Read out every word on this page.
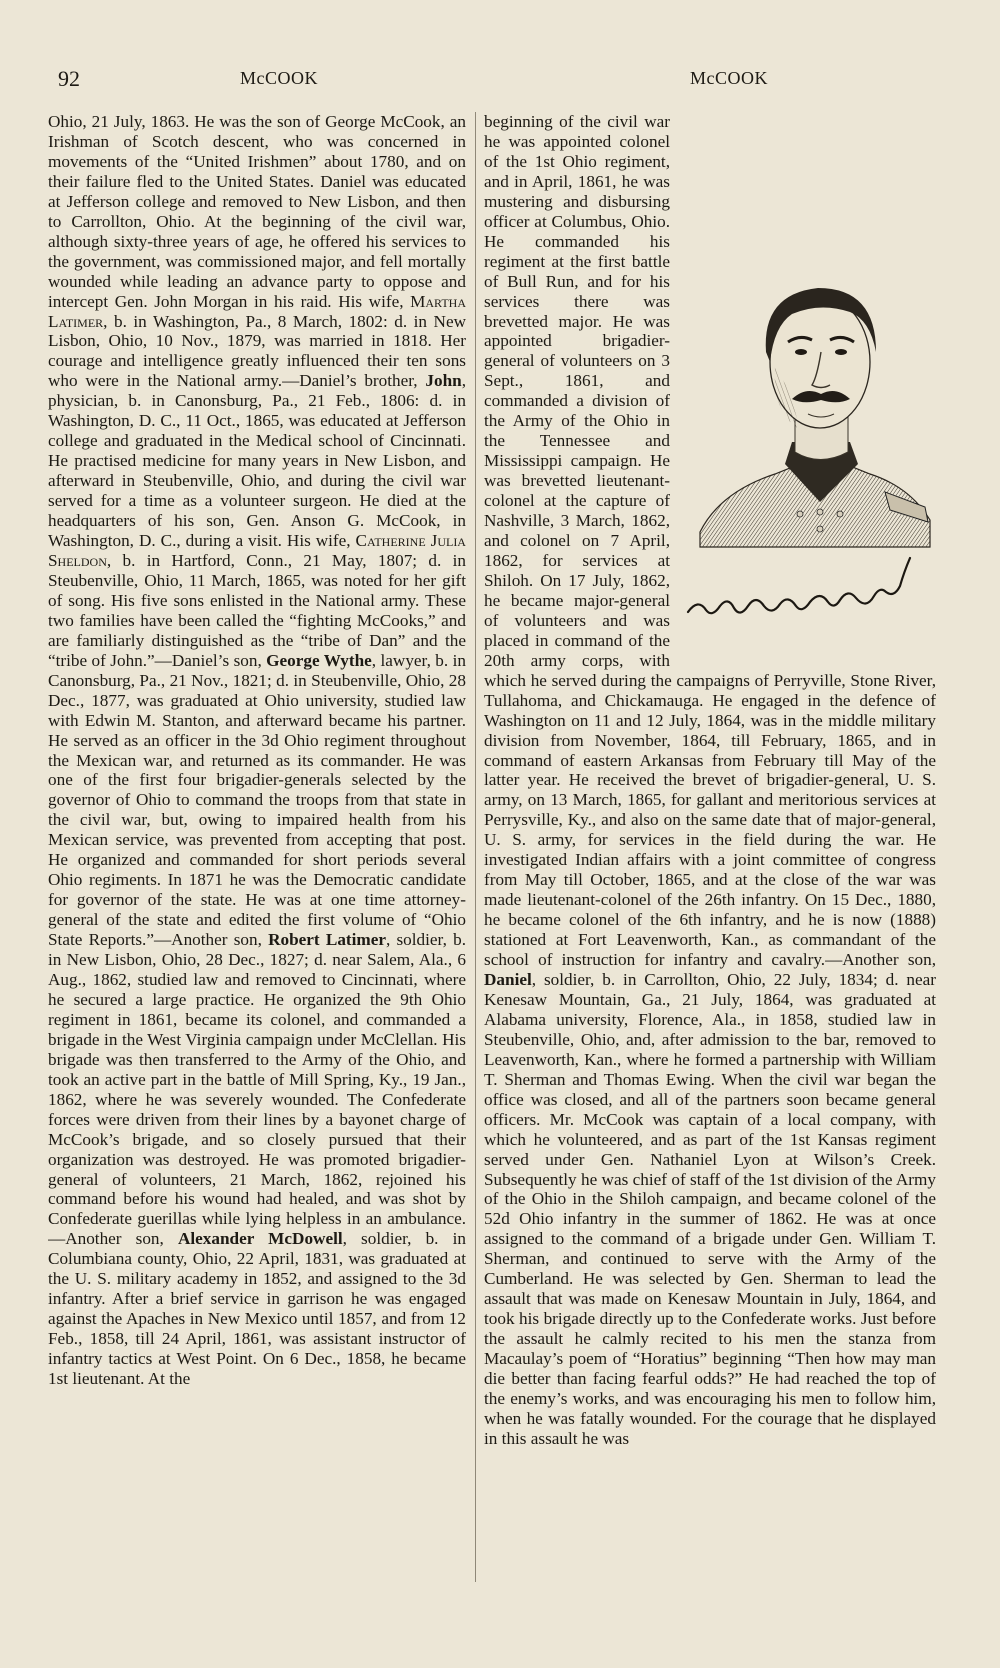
92	McCOOK	McCOOK

Ohio, 21 July, 1863. He was the son of George McCook, an Irishman of Scotch descent, who was concerned in movements of the “United Irishmen” about 1780, and on their failure fled to the United States. Daniel was educated at Jefferson college and removed to New Lisbon, and then to Carrollton, Ohio. At the beginning of the civil war, although sixty-three years of age, he offered his services to the government, was commissioned major, and fell mortally wounded while leading an advance party to oppose and intercept Gen. John Morgan in his raid. His wife, Martha Latimer, b. in Washington, Pa., 8 March, 1802: d. in New Lisbon, Ohio, 10 Nov., 1879, was married in 1818. Her courage and intelligence greatly influenced their ten sons who were in the National army.—Daniel’s brother, John, physician, b. in Canonsburg, Pa., 21 Feb., 1806: d. in Washington, D. C., 11 Oct., 1865, was educated at Jefferson college and graduated in the Medical school of Cincinnati. He practised medicine for many years in New Lisbon, and afterward in Steubenville, Ohio, and during the civil war served for a time as a volunteer surgeon. He died at the headquarters of his son, Gen. Anson G. McCook, in Washington, D. C., during a visit. His wife, Catherine Julia Sheldon, b. in Hartford, Conn., 21 May, 1807; d. in Steubenville, Ohio, 11 March, 1865, was noted for her gift of song. His five sons enlisted in the National army. These two families have been called the “fighting McCooks,” and are familiarly distinguished as the “tribe of Dan” and the “tribe of John.”—Daniel’s son, George Wythe, lawyer, b. in Canonsburg, Pa., 21 Nov., 1821; d. in Steubenville, Ohio, 28 Dec., 1877, was graduated at Ohio university, studied law with Edwin M. Stanton, and afterward became his partner. He served as an officer in the 3d Ohio regiment throughout the Mexican war, and returned as its commander. He was one of the first four brigadier-generals selected by the governor of Ohio to command the troops from that state in the civil war, but, owing to impaired health from his Mexican service, was prevented from accepting that post. He organized and commanded for short periods several Ohio regiments. In 1871 he was the Democratic candidate for governor of the state. He was at one time attorney-general of the state and edited the first volume of “Ohio State Reports.”—Another son, Robert Latimer, soldier, b. in New Lisbon, Ohio, 28 Dec., 1827; d. near Salem, Ala., 6 Aug., 1862, studied law and removed to Cincinnati, where he secured a large practice. He organized the 9th Ohio regiment in 1861, became its colonel, and commanded a brigade in the West Virginia campaign under McClellan. His brigade was then transferred to the Army of the Ohio, and took an active part in the battle of Mill Spring, Ky., 19 Jan., 1862, where he was severely wounded. The Confederate forces were driven from their lines by a bayonet charge of McCook’s brigade, and so closely pursued that their organization was destroyed. He was promoted brigadier-general of volunteers, 21 March, 1862, rejoined his command before his wound had healed, and was shot by Confederate guerillas while lying helpless in an ambulance.—Another son, Alexander McDowell, soldier, b. in Columbiana county, Ohio, 22 April, 1831, was graduated at the U. S. military academy in 1852, and assigned to the 3d infantry. After a brief service in garrison he was engaged against the Apaches in New Mexico until 1857, and from 12 Feb., 1858, till 24 April, 1861, was assistant instructor of infantry tactics at West Point. On 6 Dec., 1858, he became 1st lieutenant. At the

A. McD. McCook

beginning of the civil war he was appointed colonel of the 1st Ohio regiment, and in April, 1861, he was mustering and disbursing officer at Columbus, Ohio. He commanded his regiment at the first battle of Bull Run, and for his services there was brevetted major. He was appointed brigadier-general of volunteers on 3 Sept., 1861, and commanded a division of the Army of the Ohio in the Tennessee and Mississippi campaign. He was brevetted lieutenant-colonel at the capture of Nashville, 3 March, 1862, and colonel on 7 April, 1862, for services at Shiloh. On 17 July, 1862, he became major-general of volunteers and was placed in command of the 20th army corps, with which he served during the campaigns of Perryville, Stone River, Tullahoma, and Chickamauga. He engaged in the defence of Washington on 11 and 12 July, 1864, was in the middle military division from November, 1864, till February, 1865, and in command of eastern Arkansas from February till May of the latter year. He received the brevet of brigadier-general, U. S. army, on 13 March, 1865, for gallant and meritorious services at Perrysville, Ky., and also on the same date that of major-general, U. S. army, for services in the field during the war. He investigated Indian affairs with a joint committee of congress from May till October, 1865, and at the close of the war was made lieutenant-colonel of the 26th infantry. On 15 Dec., 1880, he became colonel of the 6th infantry, and he is now (1888) stationed at Fort Leavenworth, Kan., as commandant of the school of instruction for infantry and cavalry.—Another son, Daniel, soldier, b. in Carrollton, Ohio, 22 July, 1834; d. near Kenesaw Mountain, Ga., 21 July, 1864, was graduated at Alabama university, Florence, Ala., in 1858, studied law in Steubenville, Ohio, and, after admission to the bar, removed to Leavenworth, Kan., where he formed a partnership with William T. Sherman and Thomas Ewing. When the civil war began the office was closed, and all of the partners soon became general officers. Mr. McCook was captain of a local company, with which he volunteered, and as part of the 1st Kansas regiment served under Gen. Nathaniel Lyon at Wilson’s Creek. Subsequently he was chief of staff of the 1st division of the Army of the Ohio in the Shiloh campaign, and became colonel of the 52d Ohio infantry in the summer of 1862. He was at once assigned to the command of a brigade under Gen. William T. Sherman, and continued to serve with the Army of the Cumberland. He was selected by Gen. Sherman to lead the assault that was made on Kenesaw Mountain in July, 1864, and took his brigade directly up to the Confederate works. Just before the assault he calmly recited to his men the stanza from Macaulay’s poem of “Horatius” beginning “Then how may man die better than facing fearful odds?” He had reached the top of the enemy’s works, and was encouraging his men to follow him, when he was fatally wounded. For the courage that he displayed in this assault he was
